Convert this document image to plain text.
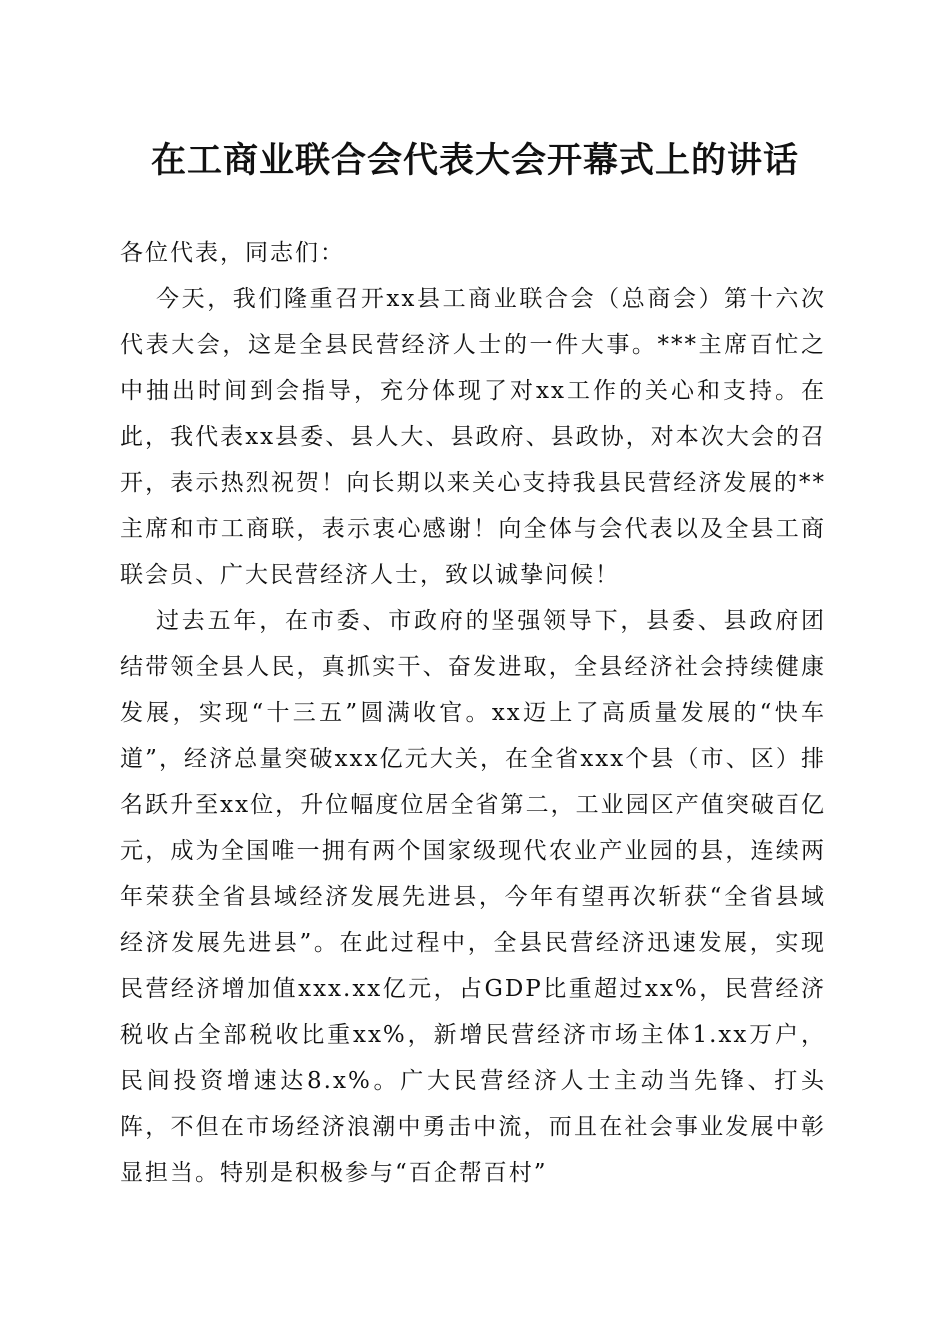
在工商业联合会代表大会开幕式上的讲话

各位代表，同志们：

今天，我们隆重召开xx县工商业联合会（总商会）第十六次代表大会，这是全县民营经济人士的一件大事。***主席百忙之中抽出时间到会指导，充分体现了对xx工作的关心和支持。在此，我代表xx县委、县人大、县政府、县政协，对本次大会的召开，表示热烈祝贺！向长期以来关心支持我县民营经济发展的**主席和市工商联，表示衷心感谢！向全体与会代表以及全县工商联会员、广大民营经济人士，致以诚挚问候！

过去五年，在市委、市政府的坚强领导下，县委、县政府团结带领全县人民，真抓实干、奋发进取，全县经济社会持续健康发展，实现“十三五”圆满收官。xx迈上了高质量发展的“快车道”，经济总量突破xxx亿元大关，在全省xxx个县（市、区）排名跃升至xx位，升位幅度位居全省第二，工业园区产值突破百亿元，成为全国唯一拥有两个国家级现代农业产业园的县，连续两年荣获全省县域经济发展先进县，今年有望再次斩获“全省县域经济发展先进县”。在此过程中，全县民营经济迅速发展，实现民营经济增加值xxx.xx亿元，占GDP比重超过xx%，民营经济税收占全部税收比重xx%，新增民营经济市场主体1.xx万户，民间投资增速达8.x%。广大民营经济人士主动当先锋、打头阵，不但在市场经济浪潮中勇击中流，而且在社会事业发展中彰显担当。特别是积极参与“百企帮百村”
